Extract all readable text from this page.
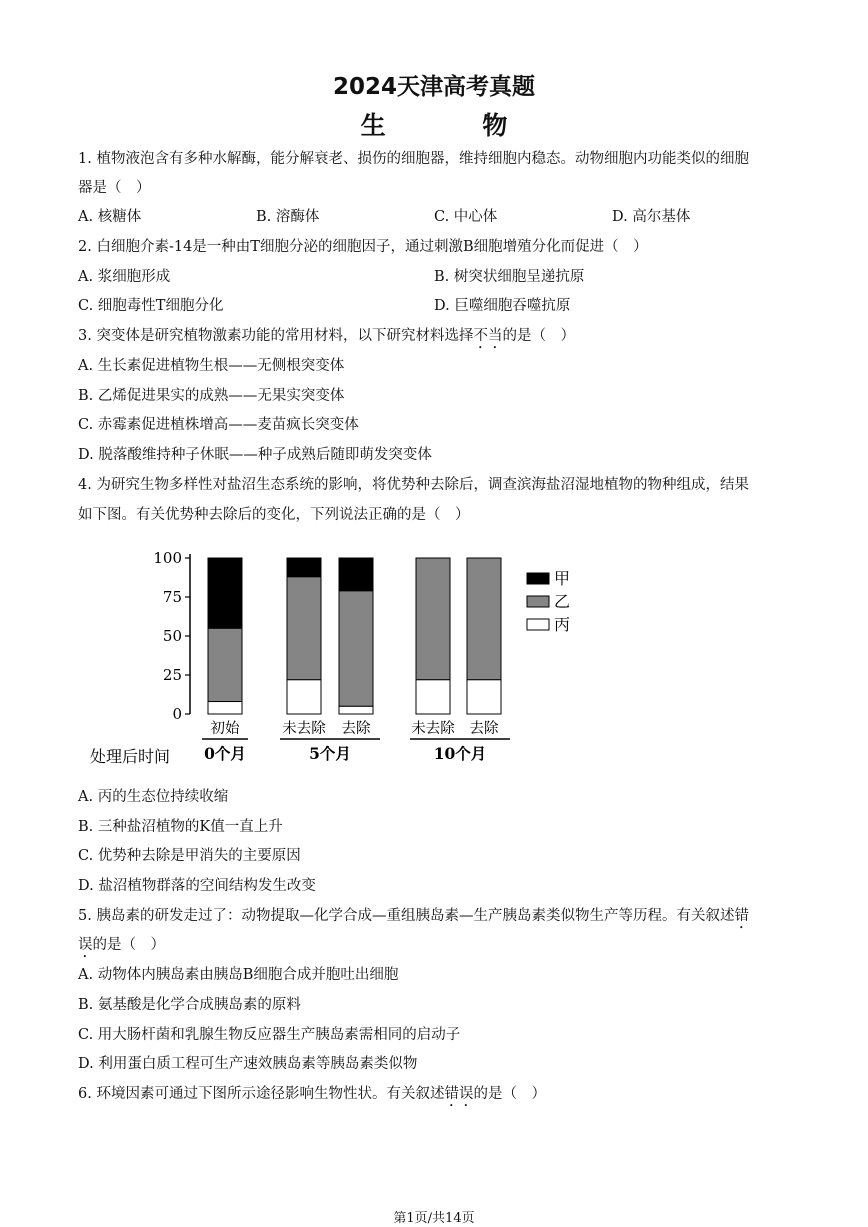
2024天津高考真题
生 物
1. 植物液泡含有多种水解酶，能分解衰老、损伤的细胞器，维持细胞内稳态。动物细胞内功能类似的细胞
器是（　）
A. 核糖体	B. 溶酶体	C. 中心体	D. 高尔基体
2. 白细胞介素-14是一种由T细胞分泌的细胞因子，通过刺激B细胞增殖分化而促进（　）
A. 浆细胞形成	B. 树突状细胞呈递抗原
C. 细胞毒性T细胞分化	D. 巨噬细胞吞噬抗原
3. 突变体是研究植物激素功能的常用材料，以下研究材料选择不当的是（　）
A. 生长素促进植物生根——无侧根突变体
B. 乙烯促进果实的成熟——无果实突变体
C. 赤霉素促进植株增高——麦苗疯长突变体
D. 脱落酸维持种子休眠——种子成熟后随即萌发突变体
4. 为研究生物多样性对盐沼生态系统的影响，将优势种去除后，调查滨海盐沼湿地植物的物种组成，结果
如下图。有关优势种去除后的变化，下列说法正确的是（　）
0
25
50
75
100
初始	未去除 去除	未去除 去除
0个月	5个月	10个月
处理后时间
甲
乙
丙
A. 丙的生态位持续收缩
B. 三种盐沼植物的K值一直上升
C. 优势种去除是甲消失的主要原因
D. 盐沼植物群落的空间结构发生改变
5. 胰岛素的研发走过了：动物提取—化学合成—重组胰岛素—生产胰岛素类似物生产等历程。有关叙述错
误的是（　）
A. 动物体内胰岛素由胰岛B细胞合成并胞吐出细胞
B. 氨基酸是化学合成胰岛素的原料
C. 用大肠杆菌和乳腺生物反应器生产胰岛素需相同的启动子
D. 利用蛋白质工程可生产速效胰岛素等胰岛素类似物
6. 环境因素可通过下图所示途径影响生物性状。有关叙述错误的是（　）
第1页/共14页
